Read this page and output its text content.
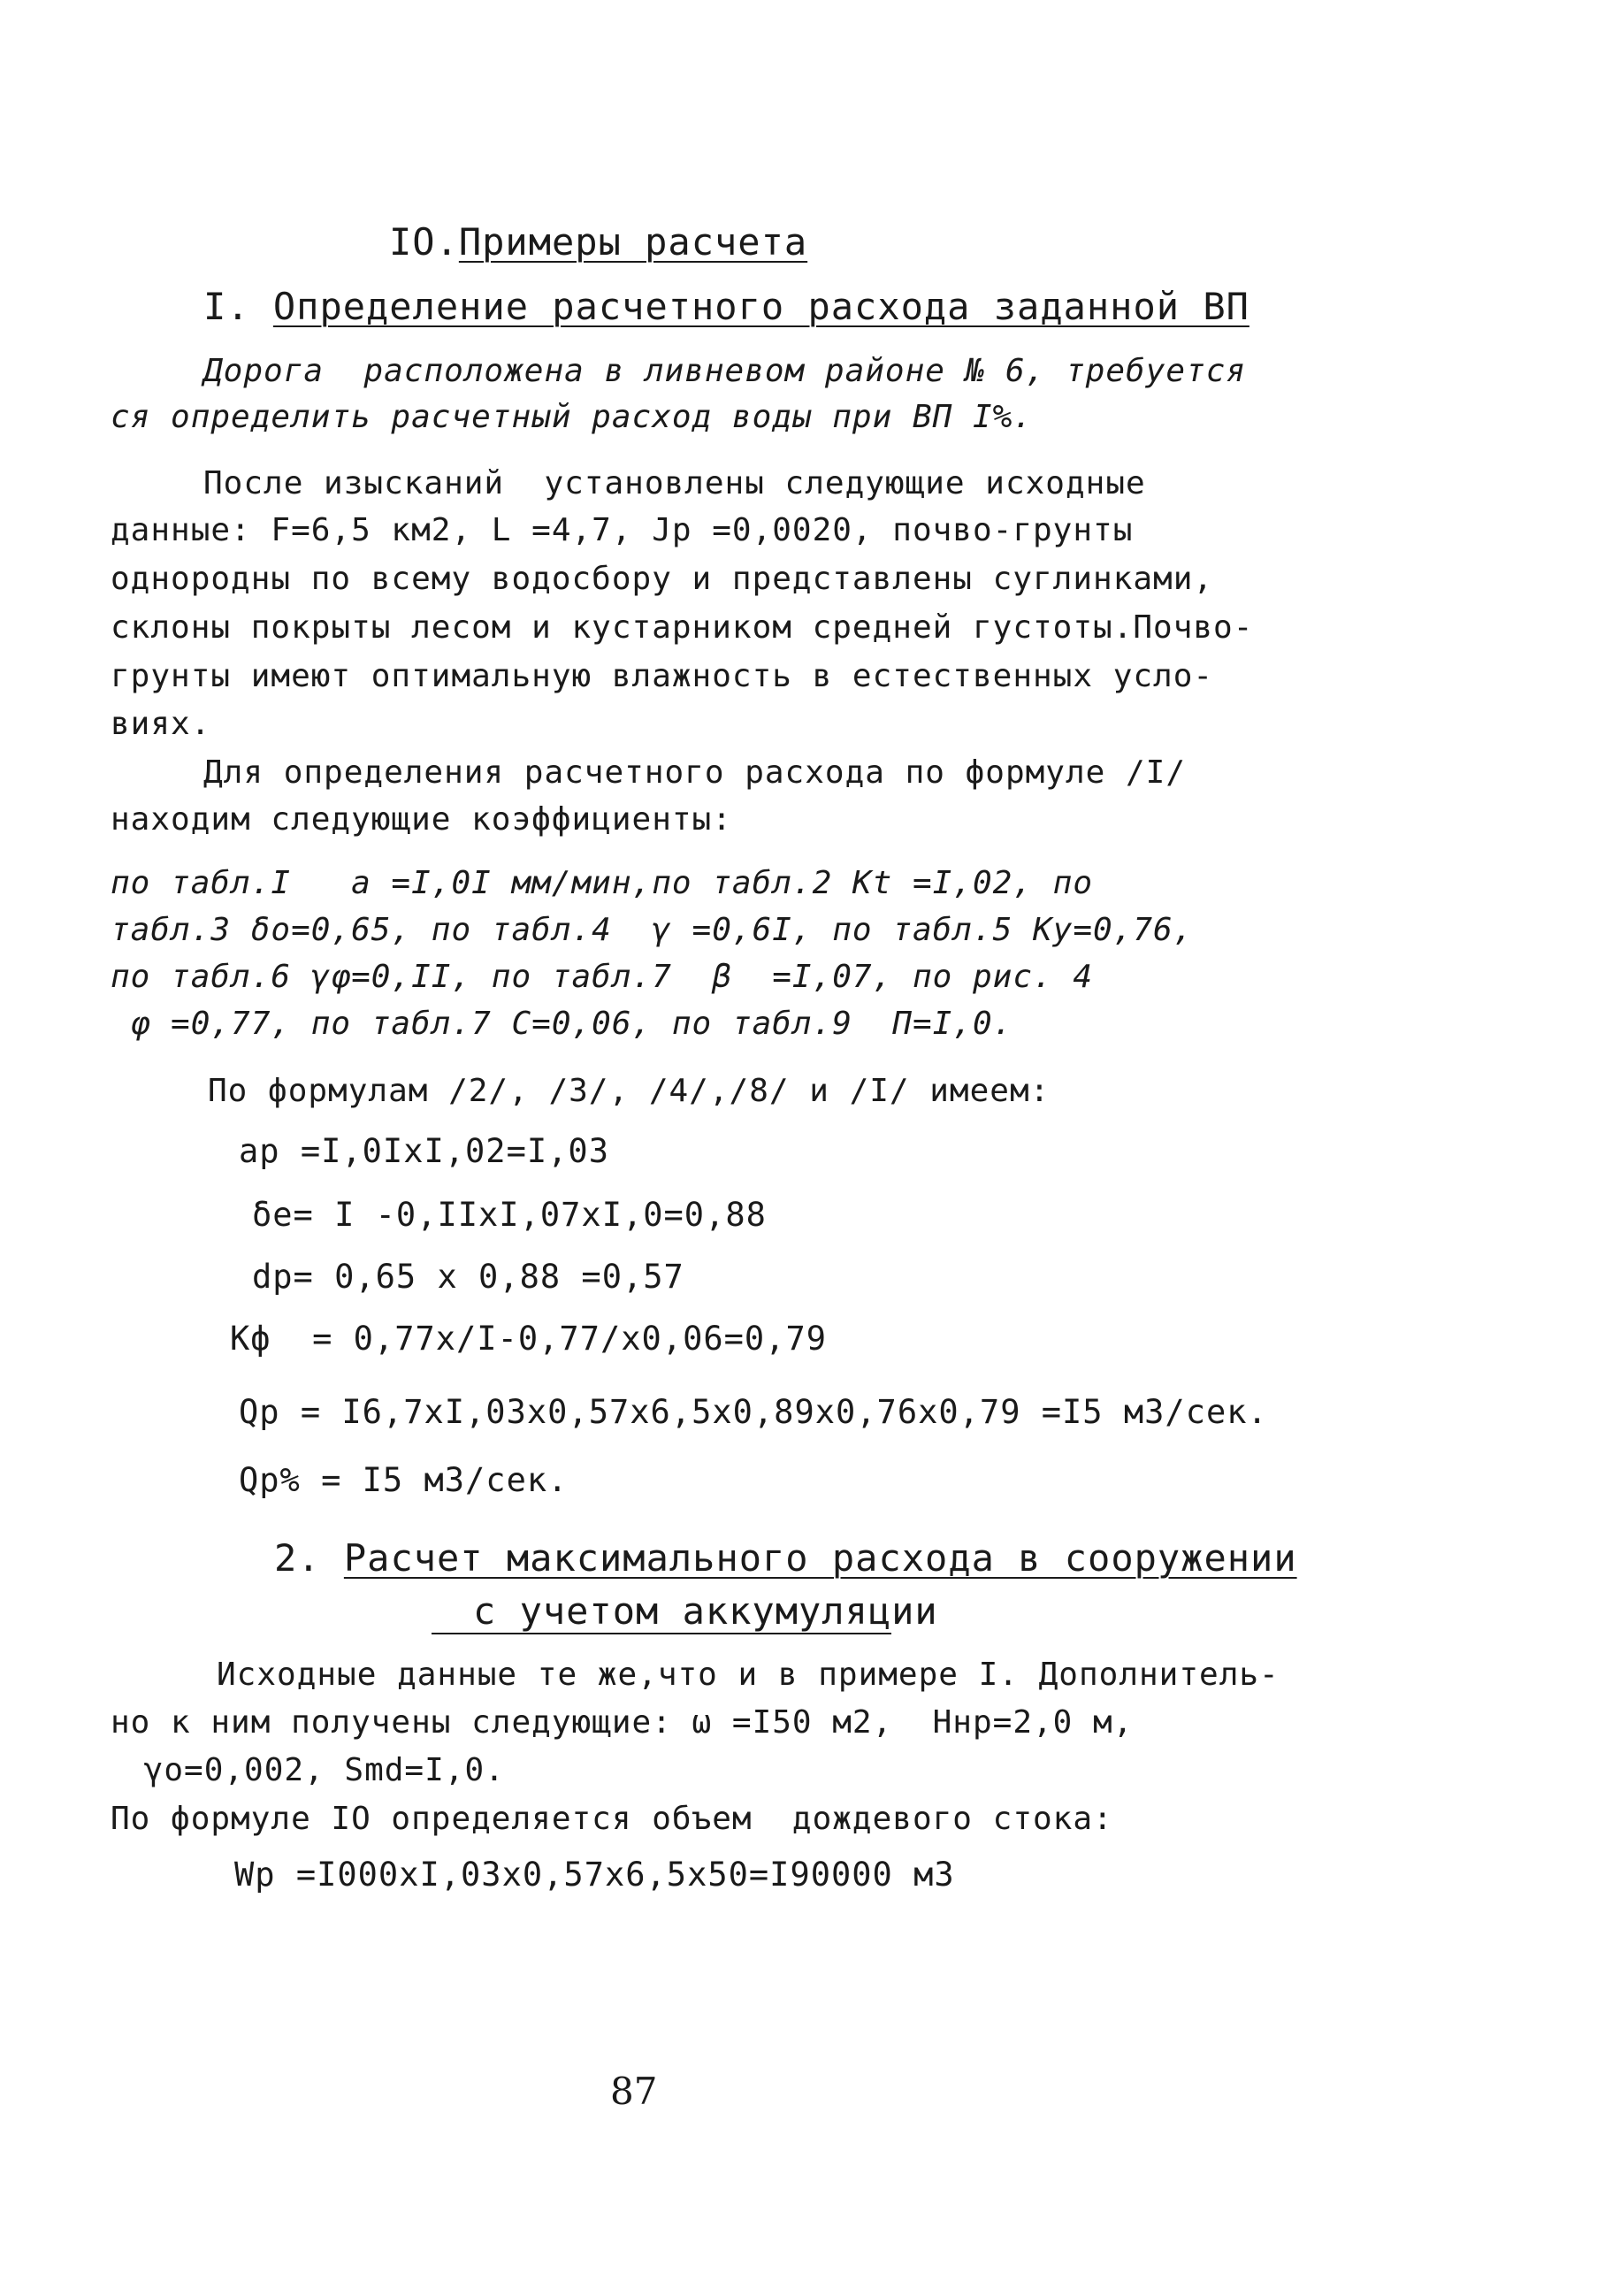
IO.Примеры расчета
I. Определение расчетного расхода заданной ВП
Дорога  расположена в ливневом районе № 6, требуется
ся определить расчетный расход воды при ВП I%.
После изысканий  установлены следующие исходные
данные: F=6,5 км2, L =4,7, Jp =0,0020, почво-грунты
однородны по всему водосбору и представлены суглинками,
склоны покрыты лесом и кустарником средней густоты.Почво-
грунты имеют оптимальную влажность в естественных усло-
виях.
Для определения расчетного расхода по формуле /I/
находим следующие коэффициенты:
по табл.I   a =I,0I мм/мин,по табл.2 Kt =I,02, по
табл.3 δo=0,65, по табл.4  γ =0,6I, по табл.5 Ky=0,76,
по табл.6 γφ=0,II, по табл.7  β  =I,07, по рис. 4
φ =0,77, по табл.7 C=0,06, по табл.9  П=I,0.
По формулам /2/, /3/, /4/,/8/ и /I/ имеем:
ap =I,0IxI,02=I,03
δe= I -0,IIxI,07xI,0=0,88
dp= 0,65 x 0,88 =0,57
Кф  = 0,77x/I-0,77/x0,06=0,79
Qp = I6,7xI,03x0,57x6,5x0,89x0,76x0,79 =I5 м3/сек.
Qp% = I5 м3/сек.
2. Расчет максимального расхода в сооружении
с учетом аккумуляции
Исходные данные те же,что и в примере I. Дополнитель-
но к ним получены следующие: ω =I50 м2,  Hнр=2,0 м,
γo=0,002, Smd=I,0.
По формуле IO определяется объем  дождевого стока:
Wp =I000xI,03x0,57x6,5x50=I90000 м3
87
